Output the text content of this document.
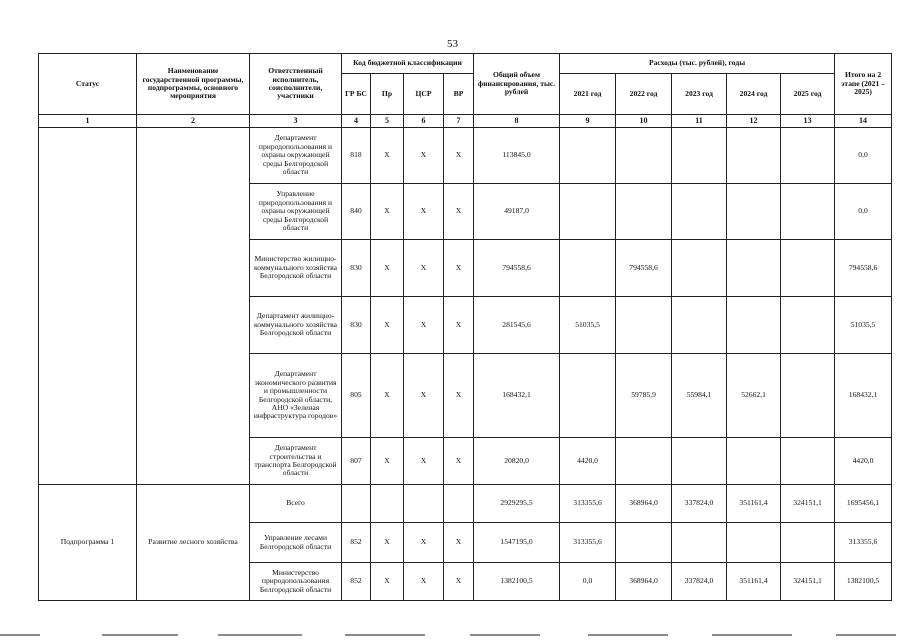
53
Статус	Наименование государственной программы, подпрограммы, основного мероприятия	Ответственный исполнитель, соисполнители, участники	Код бюджетной классификации				Общий объем финансирования, тыс. рублей	Расходы (тыс. рублей), годы					Итого на 2 этапе (2021 – 2025)
			ГР БС	Пр	ЦСР	ВР		2021 год	2022 год	2023 год	2024 год	2025 год	
1	2	3	4	5	6	7	8	9	10	11	12	13	14
		Департамент природопользования и охраны окружающей среды Белгородской области	818	Х	Х	Х	113845,0						0,0
		Управление природопользования и охраны окружающей среды Белгородской области	840	Х	Х	Х	49187,0						0,0
		Министерство жилищно-коммунального хозяйства Белгородской области	830	Х	Х	Х	794558,6		794558,6				794558,6
		Департамент жилищно-коммунального хозяйства Белгородской области	830	Х	Х	Х	281545,6	51035,5					51035,5
		Департамент экономического развития и промышленности Белгородской области, АНО «Зеленая инфраструктура городов»	805	Х	Х	Х	168432,1		59785,9	55984,1	52662,1		168432,1
		Департамент строительства и транспорта Белгородской области	807	Х	Х	Х	20820,0	4420,0					4420,0
Подпрограмма 1	Развитие лесного хозяйства	Всего					2929295,5	313355,6	368964,0	337824,0	351161,4	324151,1	1695456,1
		Управление лесами Белгородской области	852	Х	Х	Х	1547195,0	313355,6					313355,6
		Министерство природопользования Белгородской области	852	Х	Х	Х	1382100,5	0,0	368964,0	337824,0	351161,4	324151,1	1382100,5
